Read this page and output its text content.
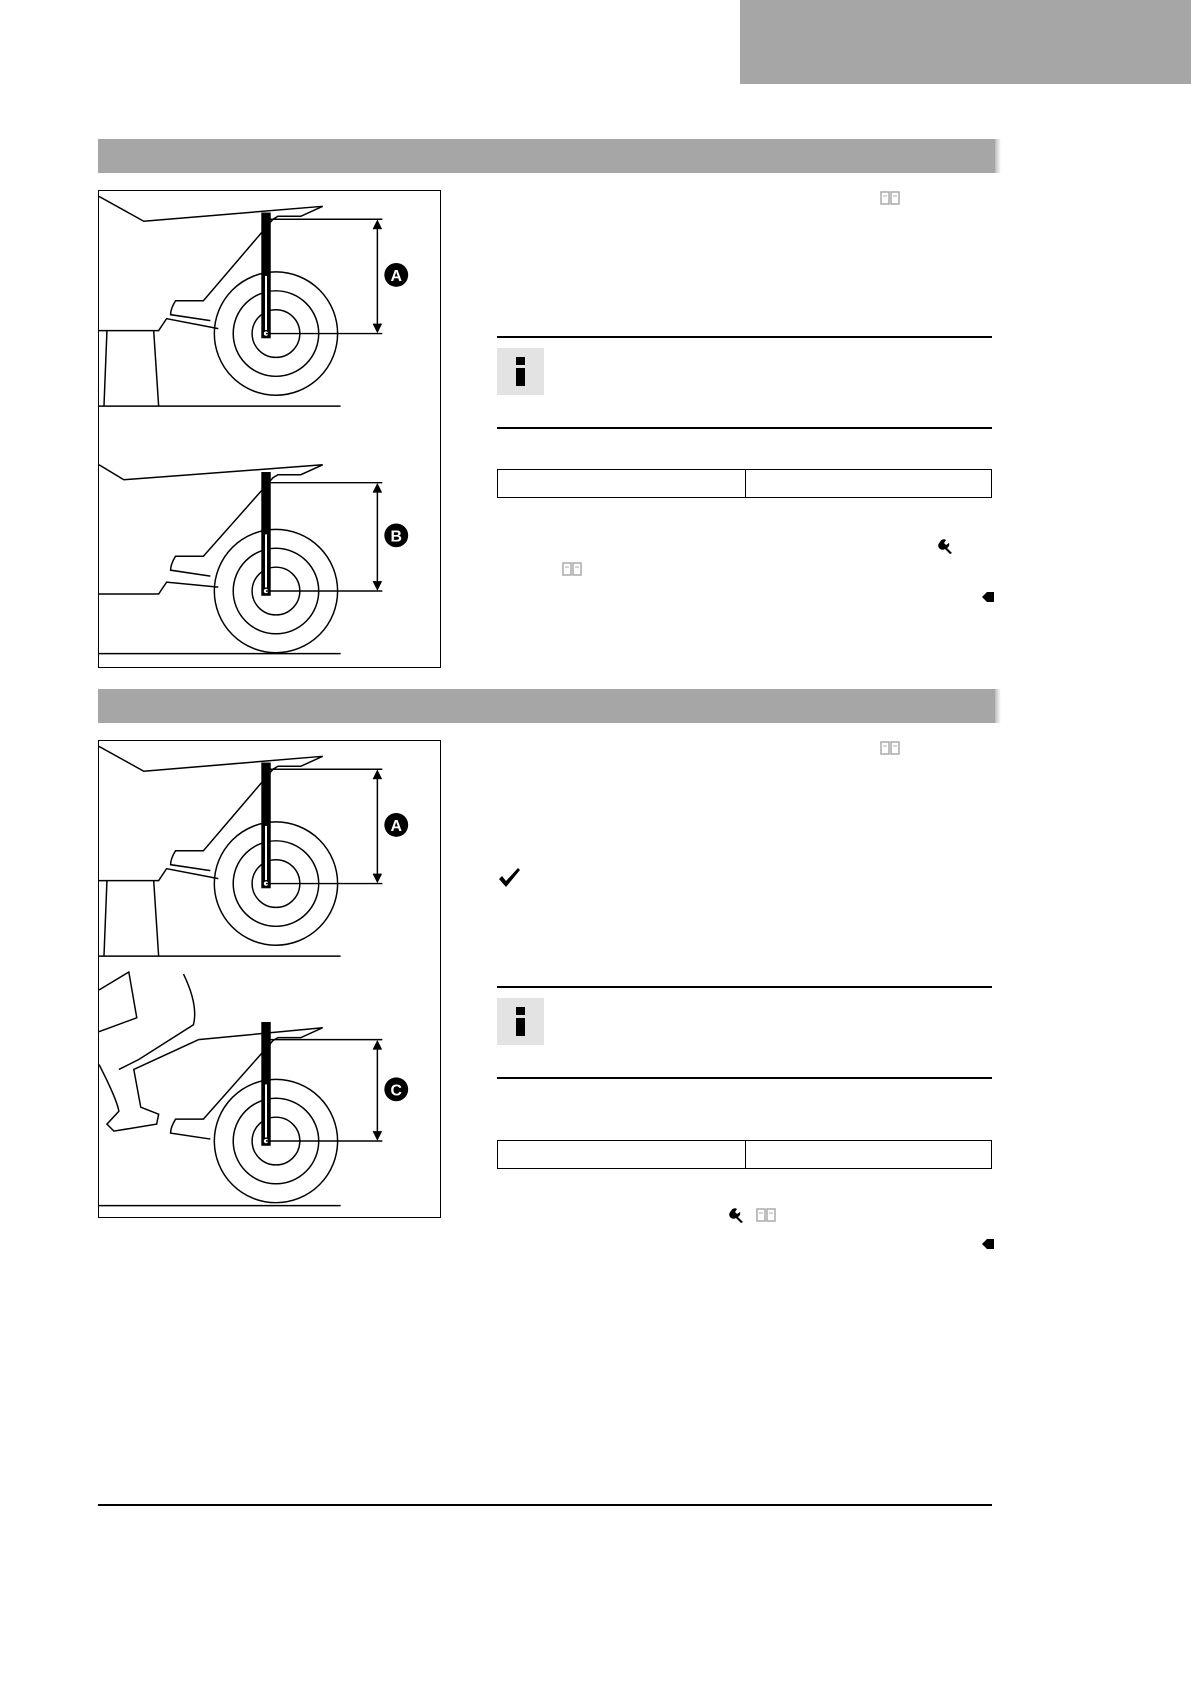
A
B
A
C
